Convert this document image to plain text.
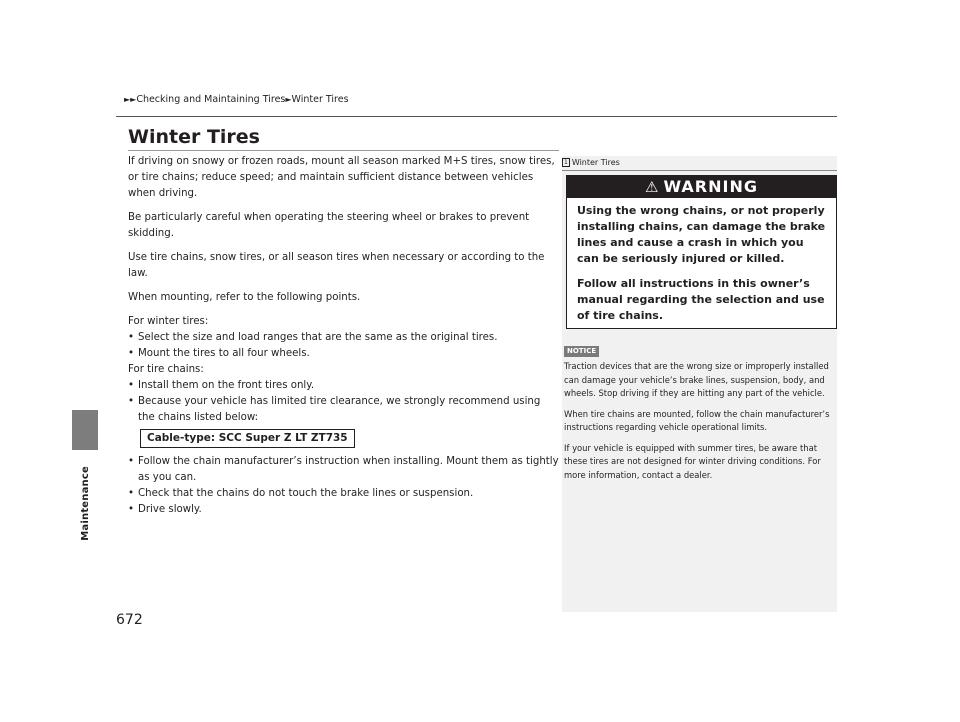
Maintenance
►►Checking and Maintaining Tires►Winter Tires
Winter Tires

If driving on snowy or frozen roads, mount all season marked M+S tires, snow tires, or tire chains; reduce speed; and maintain sufficient distance between vehicles when driving.

Be particularly careful when operating the steering wheel or brakes to prevent skidding.

Use tire chains, snow tires, or all season tires when necessary or according to the law.

When mounting, refer to the following points.

For winter tires:
• Select the size and load ranges that are the same as the original tires.
• Mount the tires to all four wheels.
For tire chains:
• Install them on the front tires only.
• Because your vehicle has limited tire clearance, we strongly recommend using the chains listed below:
Cable-type: SCC Super Z LT ZT735
• Follow the chain manufacturer’s instruction when installing. Mount them as tightly as you can.
• Check that the chains do not touch the brake lines or suspension.
• Drive slowly.
1 Winter Tires
⚠ WARNING

Using the wrong chains, or not properly installing chains, can damage the brake lines and cause a crash in which you can be seriously injured or killed.

Follow all instructions in this owner’s manual regarding the selection and use of tire chains.

NOTICE

Traction devices that are the wrong size or improperly installed can damage your vehicle’s brake lines, suspension, body, and wheels. Stop driving if they are hitting any part of the vehicle.

When tire chains are mounted, follow the chain manufacturer’s instructions regarding vehicle operational limits.

If your vehicle is equipped with summer tires, be aware that these tires are not designed for winter driving conditions. For more information, contact a dealer.

672
